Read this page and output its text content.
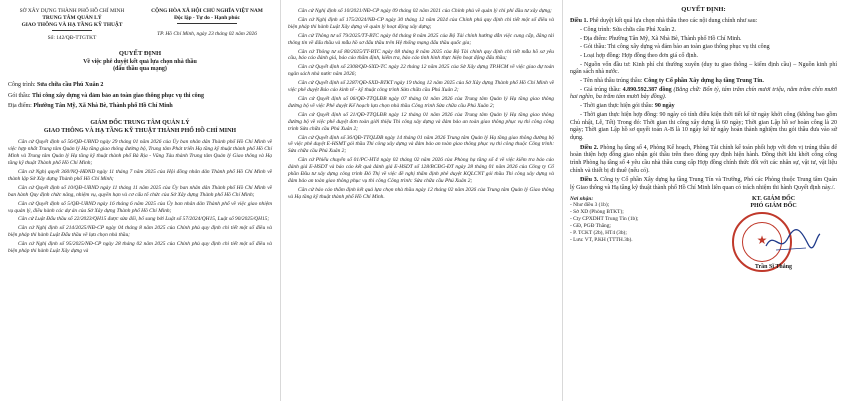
SỞ XÂY DỰNG THÀNH PHỐ HỒ CHÍ MINH

TRUNG TÂM QUẢN LÝ

GIAO THÔNG VÀ HẠ TẦNG KỸ THUẬT

Số: 142/QĐ-TTGTKT

CỘNG HÒA XÃ HỘI CHỦ NGHĨA VIỆT NAM

Độc lập - Tự do - Hạnh phúc

TP. Hồ Chí Minh, ngày 23 tháng 02 năm 2026

QUYẾT ĐỊNH

Về việc phê duyệt kết quả lựa chọn nhà thầu

(đấu thầu qua mạng)

Công trình: Sửa chữa cầu Phú Xuân 2

Gói thầu: Thi công xây dựng và đảm bảo an toàn giao thông phục vụ thi công

Địa điểm: Phường Tân Mỹ, Xã Nhà Bè, Thành phố Hồ Chí Minh

GIÁM ĐỐC TRUNG TÂM QUẢN LÝ

GIAO THÔNG VÀ HẠ TẦNG KỸ THUẬT THÀNH PHỐ HỒ CHÍ MINH

Căn cứ Quyết định số 56/QĐ-UBND ngày 29 tháng 01 năm 2026 của Ủy ban nhân dân Thành phố Hồ Chí Minh về việc hợp nhất Trung tâm Quản lý Hạ tầng giao thông đường bộ, Trung tâm Phát triển Hạ tầng kỹ thuật thành phố Hồ Chí Minh và Trung tâm Quản lý Hạ tầng kỹ thuật thành phố Bà Rịa - Vũng Tàu thành Trung tâm Quản lý Giao thông và Hạ tầng kỹ thuật Thành phố Hồ Chí Minh;

Căn cứ Nghị quyết 360/NQ-HĐND ngày 11 tháng 7 năm 2025 của Hội đồng nhân dân Thành phố Hồ Chí Minh về thành lập Sở Xây dựng Thành phố Hồ Chí Minh;

Căn cứ Quyết định số 10/QĐ-UBND ngày 11 tháng 11 năm 2025 của Ủy ban nhân dân Thành phố Hồ Chí Minh về ban hành Quy định chức năng, nhiệm vụ, quyền hạn và cơ cấu tổ chức của Sở Xây dựng Thành phố Hồ Chí Minh;

Căn cứ Quyết định số 5/QĐ-UBND ngày 16 tháng 6 năm 2025 của Ủy ban nhân dân Thành phố về việc giao nhiệm vụ quản lý, điều hành các dự án của Sở Xây dựng Thành phố Hồ Chí Minh;

Căn cứ Luật Đấu thầu số 22/2023/QH15 được sửa đổi, bổ sung bởi Luật số 57/2024/QH15, Luật số 90/2025/QH15;

Căn cứ Nghị định số 214/2025/NĐ-CP ngày 04 tháng 8 năm 2025 của Chính phủ quy định chi tiết một số điều và biện pháp thi hành Luật Đấu thầu về lựa chọn nhà thầu;

Căn cứ Nghị định số 95/2025/NĐ-CP ngày 28 tháng 02 năm 2025 của Chính phủ quy định chi tiết một số điều và biện pháp thi hành Luật Xây dựng và

Căn cứ Nghị định số 10/2021/NĐ-CP ngày 09 tháng 02 năm 2021 của Chính phủ về quản lý chi phí đầu tư xây dựng;

Căn cứ Nghị định số 175/2024/NĐ-CP ngày 30 tháng 12 năm 2024 của Chính phủ quy định chi tiết một số điều và biện pháp thi hành Luật Xây dựng về quản lý hoạt động xây dựng;

Căn cứ Thông tư số 79/2025/TT-BTC ngày 04 tháng 8 năm 2025 của Bộ Tài chính hướng dẫn việc cung cấp, đăng tải thông tin về đấu thầu và mẫu hồ sơ đấu thầu trên Hệ thống mạng đấu thầu quốc gia;

Căn cứ Thông tư số 80/2025/TT-BTC ngày 08 tháng 8 năm 2025 của Bộ Tài chính quy định chi tiết mẫu hồ sơ yêu cầu, báo cáo đánh giá, báo cáo thẩm định, kiểm tra, báo cáo tình hình thực hiện hoạt động đấu thầu;

Căn cứ Quyết định số 2308/QĐ-SXD-TC ngày 22 tháng 12 năm 2025 của Sở Xây dựng TP.HCM về việc giao dự toán ngân sách nhà nước năm 2026;

Căn cứ Quyết định số 2287/QĐ-SXD-BTKT ngày 19 tháng 12 năm 2025 của Sở Xây dựng Thành phố Hồ Chí Minh về việc phê duyệt Báo cáo kinh tế - kỹ thuật công trình Sửa chữa cầu Phú Xuân 2;

Căn cứ Quyết định số 06/QĐ-TTQLĐB ngày 07 tháng 01 năm 2026 của Trung tâm Quản lý Hạ tầng giao thông đường bộ về việc Phê duyệt Kế hoạch lựa chọn nhà thầu Công trình Sửa chữa cầu Phú Xuân 2;

Căn cứ Quyết định số 21/QĐ-TTQLĐB ngày 12 tháng 01 năm 2026 của Trung tâm Quản lý Hạ tầng giao thông đường bộ về việc phê duyệt đơn toàn giới thiệu Thi công xây dựng và đảm bảo an toàn giao thông phục vụ thi công công trình Sửa chữa cầu Phú Xuân 2;

Căn cứ Quyết định số 36/QĐ-TTQLĐB ngày 14 tháng 01 năm 2026 Trung tâm Quản lý Hạ tầng giao thông đường bộ về việc phê duyệt E-HSMT gói thầu Thi công xây dựng và đảm bảo an toàn giao thông phục vụ thi công thuộc Công trình: Sửa chữa cầu Phú Xuân 2;

Căn cứ Phiếu chuyển số 01/PC-HT4 ngày 02 tháng 02 năm 2026 của Phòng hạ tầng số 4 về việc kiểm tra báo cáo đánh giá E-HSDT và báo cáo kết quả đánh giá E-HSDT số 128/BCĐG-ĐT ngày 28 tháng 01 năm 2026 của Công ty Cổ phần Đầu tư xây dựng công trình Đô Thị về việc đề nghị thẩm định phê duyệt KQLCNT gói thầu Thi công xây dựng và đảm bảo an toàn giao thông phục vụ thi công Công trình: Sửa chữa cầu Phú Xuân 2;

Căn cứ báo cáo thẩm định kết quả lựa chọn nhà thầu ngày 12 tháng 02 năm 2026 của Trung tâm Quản lý Giao thông và Hạ tầng kỹ thuật thành phố Hồ Chí Minh.

QUYẾT ĐỊNH:

Điều 1. Phê duyệt kết quả lựa chọn nhà thầu theo các nội dung chính như sau:

- Công trình: Sửa chữa cầu Phú Xuân 2.

- Địa điểm: Phường Tân Mỹ, Xã Nhà Bè, Thành phố Hồ Chí Minh.

- Gói thầu: Thi công xây dựng và đảm bảo an toàn giao thông phục vụ thi công

- Loại hợp đồng: Hợp đồng theo đơn giá cố định.

- Nguồn vốn đầu tư: Kinh phí chi thường xuyên (duy tu giao thông – kiểm định cầu) – Nguồn kinh phí ngân sách nhà nước.

- Tên nhà thầu trúng thầu: Công ty Cổ phần Xây dựng hạ tầng Trung Tín.

- Giá trúng thầu: 4.890.592.387 đồng (Bằng chữ: Bốn tỷ, tám trăm chín mươi triệu, năm trăm chín mươi hai nghìn, ba trăm tám mươi bảy đồng).

- Thời gian thực hiện gói thầu: 90 ngày

- Thời gian thực hiện hợp đồng: 90 ngày có tính điều kiện thời tiết kể từ ngày khởi công (không bao gồm Chủ nhật, Lễ, Tết) Trong đó: Thời gian thi công xây dựng là 60 ngày; Thời gian Lập hồ sơ hoàn công là 20 ngày; Thời gian Lập hồ sơ quyết toán A-B là 10 ngày kể từ ngày hoàn thành nghiệm thu gói thầu đưa vào sử dụng.

Điều 2. Phòng hạ tầng số 4, Phòng Kế hoạch, Phòng Tài chính kế toán phối hợp với đơn vị trúng thầu để hoàn thiện hợp đồng giao nhận gói thầu trên theo đúng quy định hiện hành. Đồng thời khi khởi công công trình Phòng hạ tầng số 4 yêu cầu nhà thầu cung cấp Hợp đồng chính thức đối với các nhân sự, vật tư, vật liệu chính và thiết bị đi thuê (nếu có).

Điều 3. Công ty Cổ phần Xây dựng hạ tầng Trung Tín và Trưởng, Phó các Phòng thuộc Trung tâm Quản lý Giao thông và Hạ tầng kỹ thuật thành phố Hồ Chí Minh liên quan có trách nhiệm thi hành Quyết định này./.

Nơi nhận:

- Như điều 3 (1b);

- Sở XD (Phòng BTKT);

- Cty CPXDHT Trung Tín (1b);

- GĐ, PGĐ Thắng;

- P. TCKT (2b), HT4 (3b);

- Lưu: VT, P.KH (TTTH.3b).

KT. GIÁM ĐỐC

PHÓ GIÁM ĐỐC

★

Trần Sĩ Thắng
